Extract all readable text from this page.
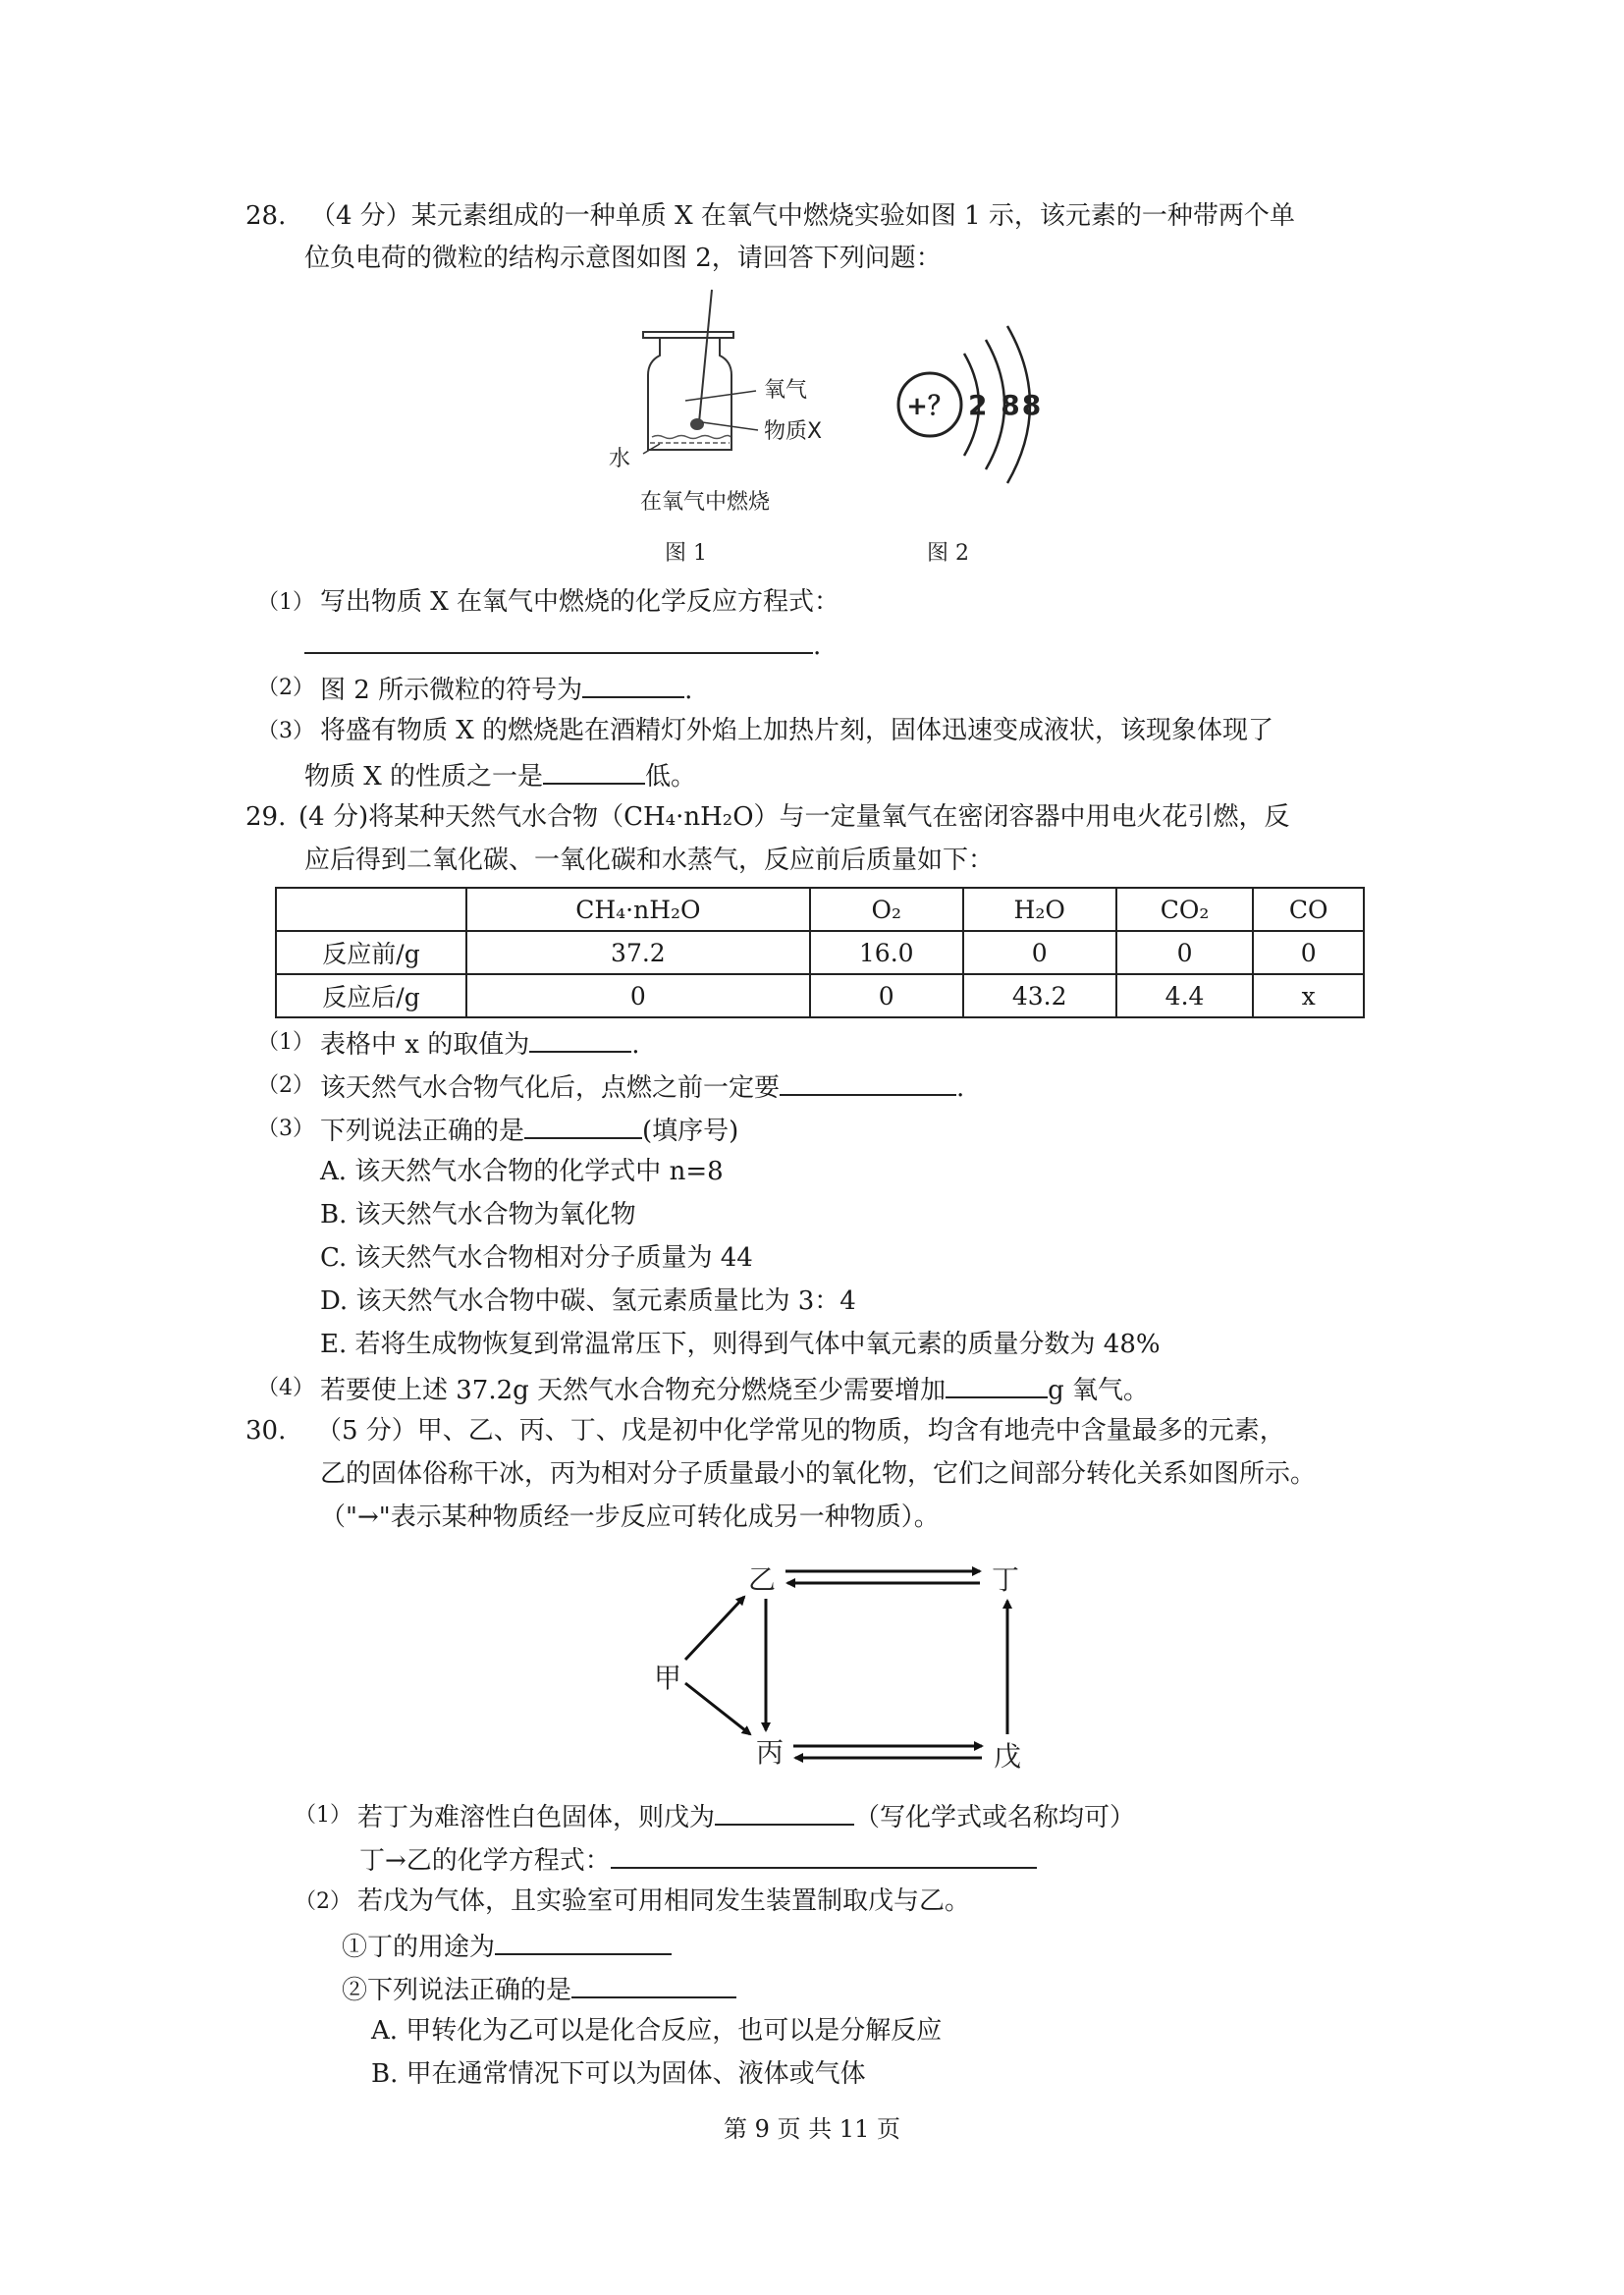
28. （4 分）某元素组成的一种单质 X 在氧气中燃烧实验如图 1 示，该元素的一种带两个单
位负电荷的微粒的结构示意图如图 2，请回答下列问题：
氧气
物质X
水
在氧气中燃烧
图 1
+？ 2 88
图 2
（1） 写出物质 X 在氧气中燃烧的化学反应方程式：
.
（2） 图 2 所示微粒的符号为	.
（3） 将盛有物质 X 的燃烧匙在酒精灯外焰上加热片刻，固体迅速变成液状，该现象体现了
物质 X 的性质之一是	低。
29. (4 分)将某种天然气水合物（CH₄·nH₂O）与一定量氧气在密闭容器中用电火花引燃，反
应后得到二氧化碳、一氧化碳和水蒸气，反应前后质量如下：
	CH₄·nH₂O	O₂	H₂O	CO₂	CO
反应前/g	37.2	16.0	0	0	0
反应后/g	0	0	43.2	4.4	x
（1） 表格中 x 的取值为	.
（2） 该天然气水合物气化后，点燃之前一定要	.
（3） 下列说法正确的是	(填序号)
A. 该天然气水合物的化学式中 n=8
B. 该天然气水合物为氧化物
C. 该天然气水合物相对分子质量为 44
D. 该天然气水合物中碳、氢元素质量比为 3：4
E. 若将生成物恢复到常温常压下，则得到气体中氧元素的质量分数为 48%
（4） 若要使上述 37.2g 天然气水合物充分燃烧至少需要增加	g 氧气。
30. （5 分）甲、乙、丙、丁、戊是初中化学常见的物质，均含有地壳中含量最多的元素，
乙的固体俗称干冰，丙为相对分子质量最小的氧化物，它们之间部分转化关系如图所示。
（"→"表示某种物质经一步反应可转化成另一种物质）。
乙	丁
甲
丙	戊
（1） 若丁为难溶性白色固体，则戊为	（写化学式或名称均可）
丁→乙的化学方程式：
（2） 若戊为气体，且实验室可用相同发生装置制取戊与乙。
①丁的用途为
②下列说法正确的是
A. 甲转化为乙可以是化合反应，也可以是分解反应
B. 甲在通常情况下可以为固体、液体或气体
第 9 页 共 11 页
